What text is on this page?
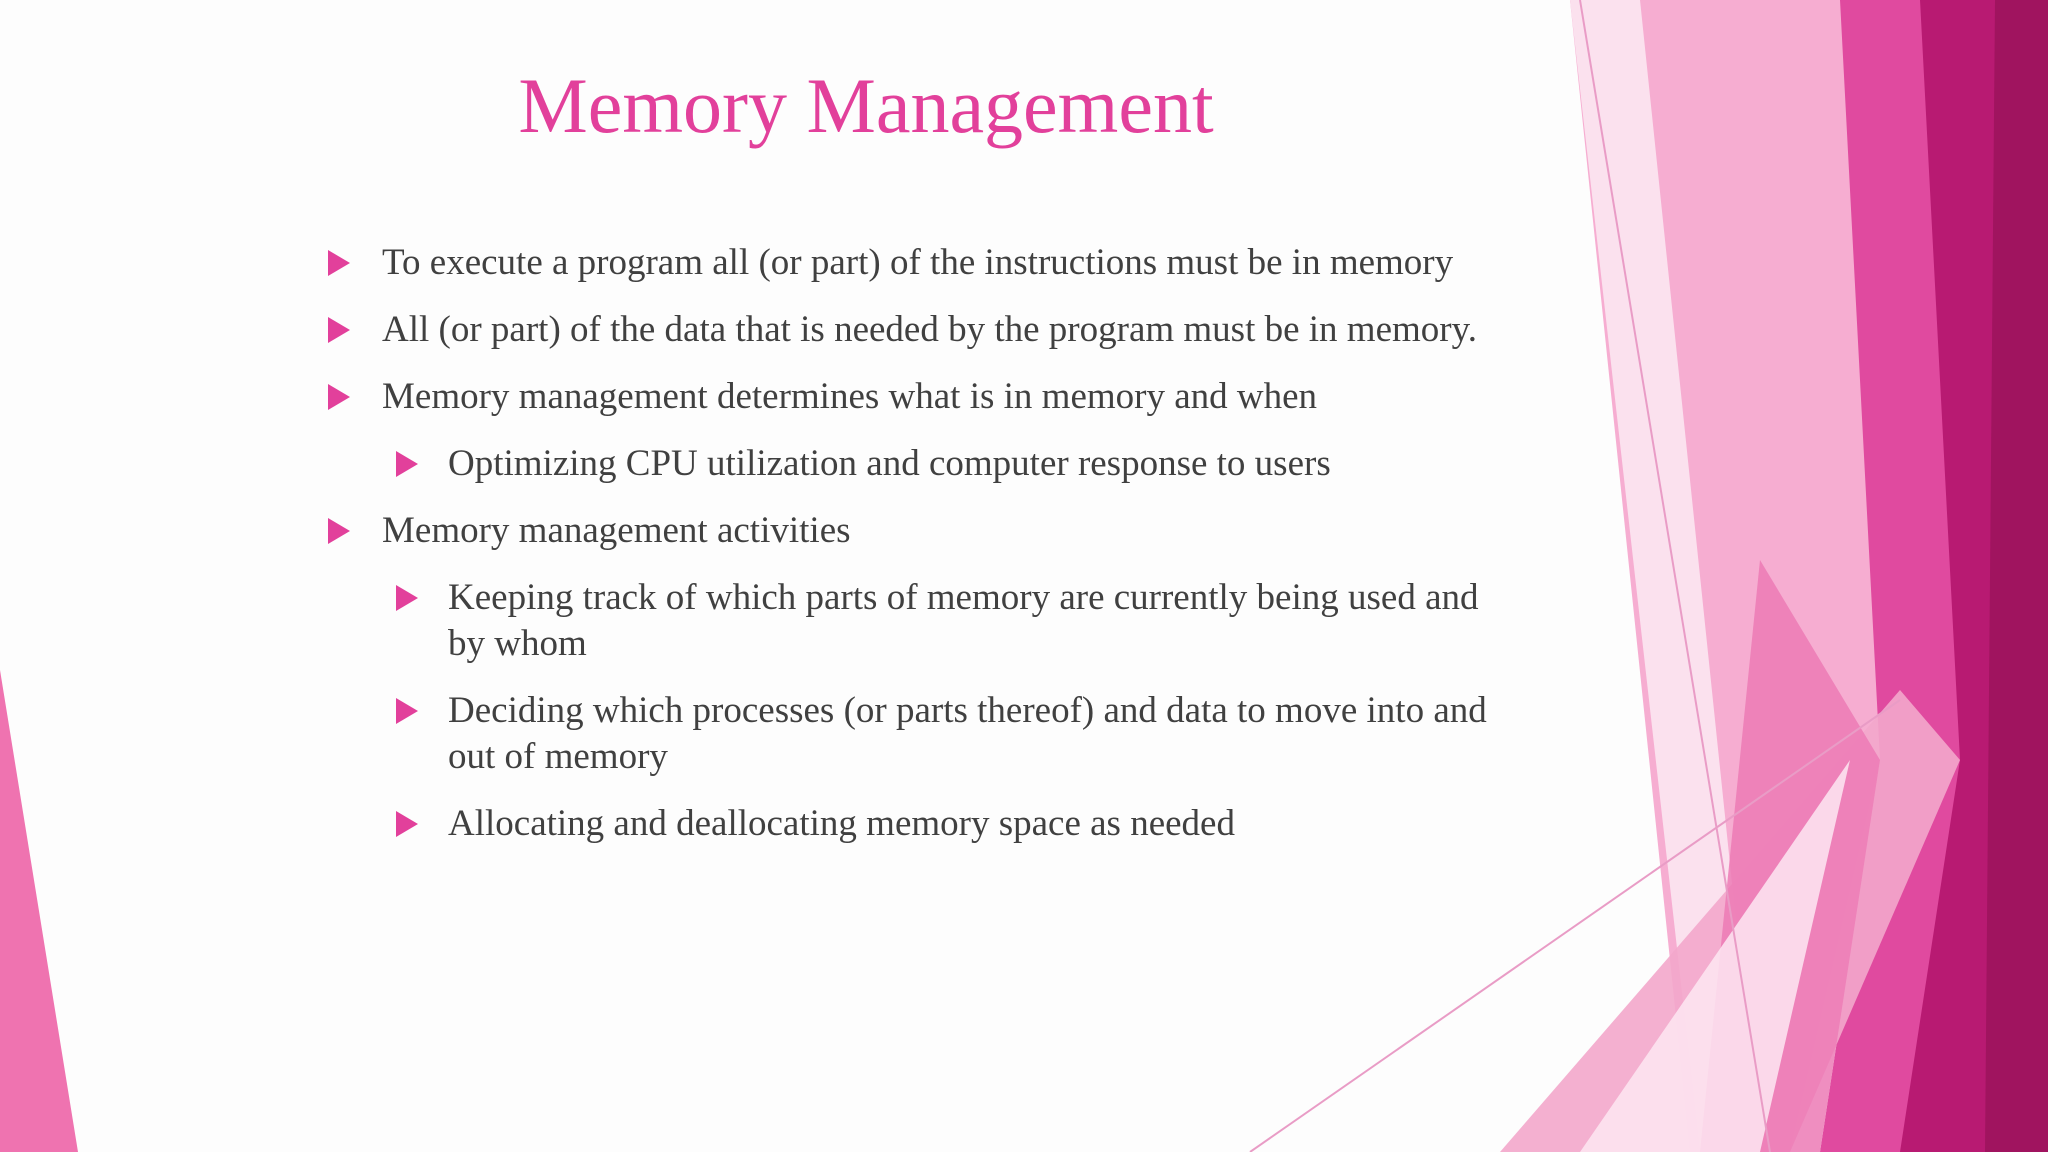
Memory Management
To execute a program all (or part) of the instructions must be in memory
All (or part) of the data that is needed by the program must be in memory.
Memory management determines what is in memory and when
Optimizing CPU utilization and computer response to users
Memory management activities
Keeping track of which parts of memory are currently being used and by whom
Deciding which processes (or parts thereof) and data to move into and out of memory
Allocating and deallocating memory space as needed
